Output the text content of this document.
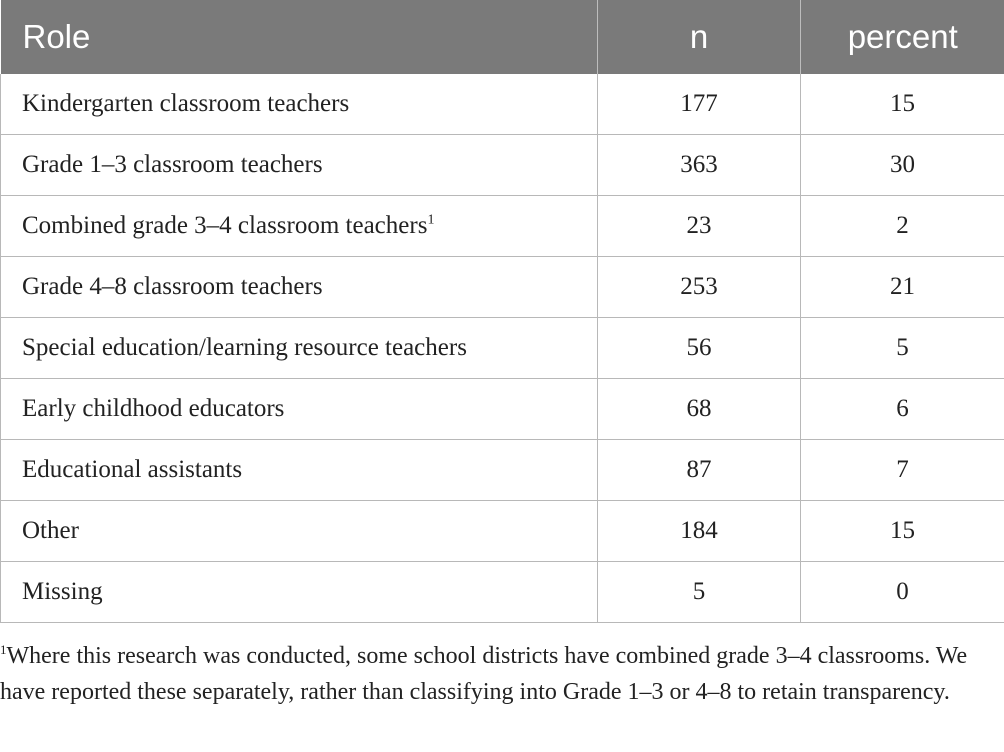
Role	n	percent
Kindergarten classroom teachers	177	15
Grade 1–3 classroom teachers	363	30
Combined grade 3–4 classroom teachers$^1$	23	2
Grade 4–8 classroom teachers	253	21
Special education/learning resource teachers	56	5
Early childhood educators	68	6
Educational assistants	87	7
Other	184	15
Missing	5	0

$^1$Where this research was conducted, some school districts have combined grade 3–4 classrooms. We have reported these separately, rather than classifying into Grade 1–3 or 4–8 to retain transparency.
